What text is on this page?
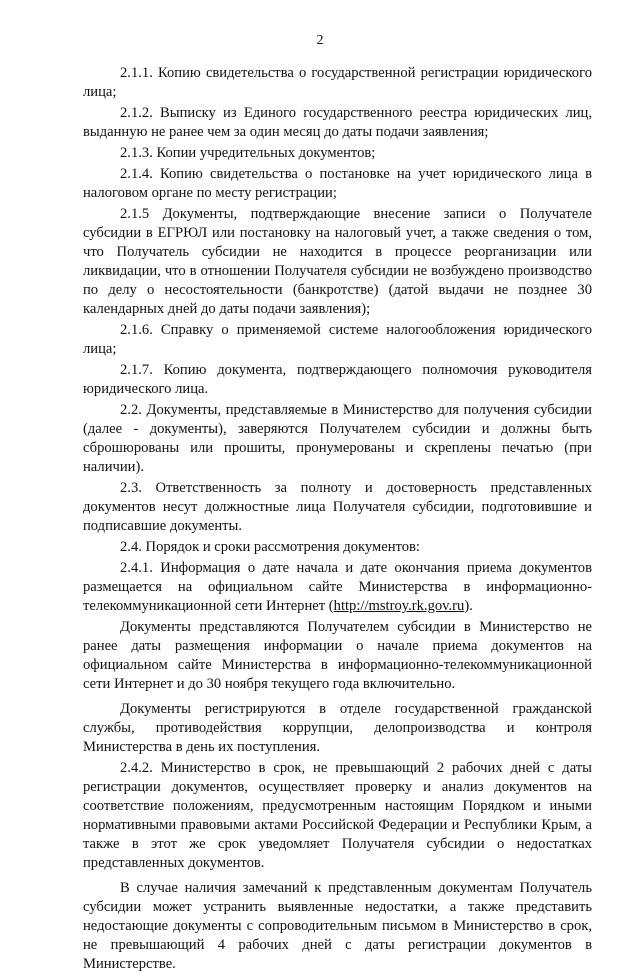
2

2.1.1. Копию свидетельства о государственной регистрации юридического лица;

2.1.2. Выписку из Единого государственного реестра юридических лиц, выданную не ранее чем за один месяц до даты подачи заявления;

2.1.3. Копии учредительных документов;

2.1.4. Копию свидетельства о постановке на учет юридического лица в налоговом органе по месту регистрации;

2.1.5 Документы, подтверждающие внесение записи о Получателе субсидии в ЕГРЮЛ или постановку на налоговый учет, а также сведения о том, что Получатель субсидии не находится в процессе реорганизации или ликвидации, что в отношении Получателя субсидии не возбуждено производство по делу о несостоятельности (банкротстве) (датой выдачи не позднее 30 календарных дней до даты подачи заявления);

2.1.6. Справку о применяемой системе налогообложения юридического лица;

2.1.7. Копию документа, подтверждающего полномочия руководителя юридического лица.

2.2. Документы, представляемые в Министерство для получения субсидии (далее - документы), заверяются Получателем субсидии и должны быть сброшюрованы или прошиты, пронумерованы и скреплены печатью (при наличии).

2.3. Ответственность за полноту и достоверность представленных документов несут должностные лица Получателя субсидии, подготовившие и подписавшие документы.

2.4. Порядок и сроки рассмотрения документов:

2.4.1. Информация о дате начала и дате окончания приема документов размещается на официальном сайте Министерства в информационно-телекоммуникационной сети Интернет (http://mstroy.rk.gov.ru).

Документы представляются Получателем субсидии в Министерство не ранее даты размещения информации о начале приема документов на официальном сайте Министерства в информационно-телекоммуникационной сети Интернет и до 30 ноября текущего года включительно.

Документы регистрируются в отделе государственной гражданской службы, противодействия коррупции, делопроизводства и контроля Министерства в день их поступления.

2.4.2. Министерство в срок, не превышающий 2 рабочих дней с даты регистрации документов, осуществляет проверку и анализ документов на соответствие положениям, предусмотренным настоящим Порядком и иными нормативными правовыми актами Российской Федерации и Республики Крым, а также в этот же срок уведомляет Получателя субсидии о недостатках представленных документов.

В случае наличия замечаний к представленным документам Получатель субсидии может устранить выявленные недостатки, а также представить недостающие документы с сопроводительным письмом в Министерство в срок, не превышающий 4 рабочих дней с даты регистрации документов в Министерстве.
